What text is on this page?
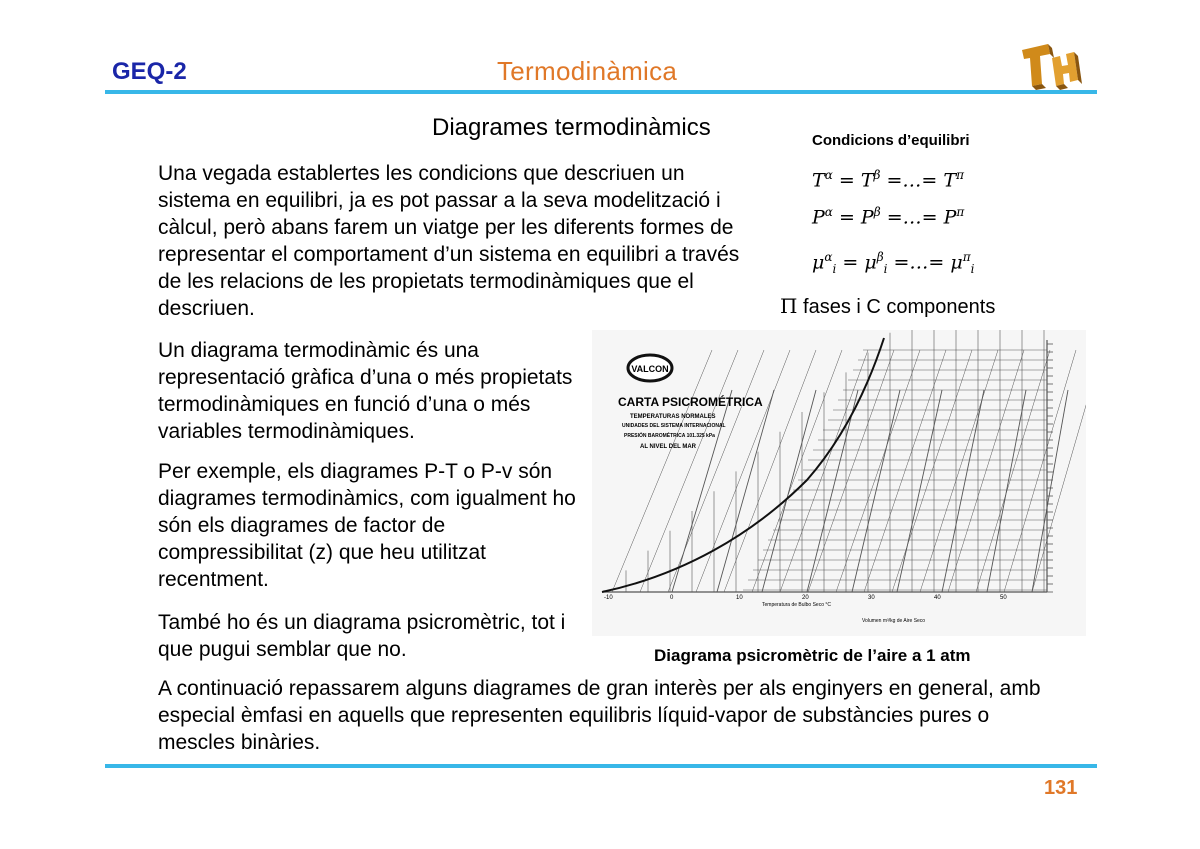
GEQ-2	Termodinàmica
Diagrames termodinàmics
Una vegada establertes les condicions que descriuen un sistema en equilibri, ja es pot passar a la seva modelització i càlcul, però abans farem un viatge per les diferents formes de representar el comportament d’un sistema en equilibri a través de les relacions de les propietats termodinàmiques que el descriuen.
Un diagrama termodinàmic és una representació gràfica d’una o més propietats termodinàmiques en funció d’una o més variables termodinàmiques.
Per exemple, els diagrames P-T o P-v són diagrames termodinàmics, com igualment ho són els diagrames de factor de compressibilitat (z) que heu utilitzat recentment.
També ho és un diagrama psicromètric, tot i que pugui semblar que no.
A continuació repassarem alguns diagrames de gran interès per als enginyers en general, amb especial èmfasi en aquells que representen equilibris líquid-vapor de substàncies pures o mescles binàries.
Condicions d’equilibri
$T^\alpha = T^\beta$ =…= $T^\pi$
$P^\alpha = P^\beta$ =…= $P^\pi$
$\mu^\alpha_i = \mu^\beta_i$ =…= $\mu^\pi_i$
Π fases i C components
VALCON
CARTA PSICROMÉTRICA
TEMPERATURAS NORMALES
UNIDADES DEL SISTEMA INTERNACIONAL
PRESIÓN BAROMÉTRICA 101.325 kPa
AL NIVEL DEL MAR
-10	0	10	20	30	40	50
Temperatura de Bulbo Seco °C
Volumen m³/kg de Aire Seco
Diagrama psicromètric de l’aire a 1 atm
131
